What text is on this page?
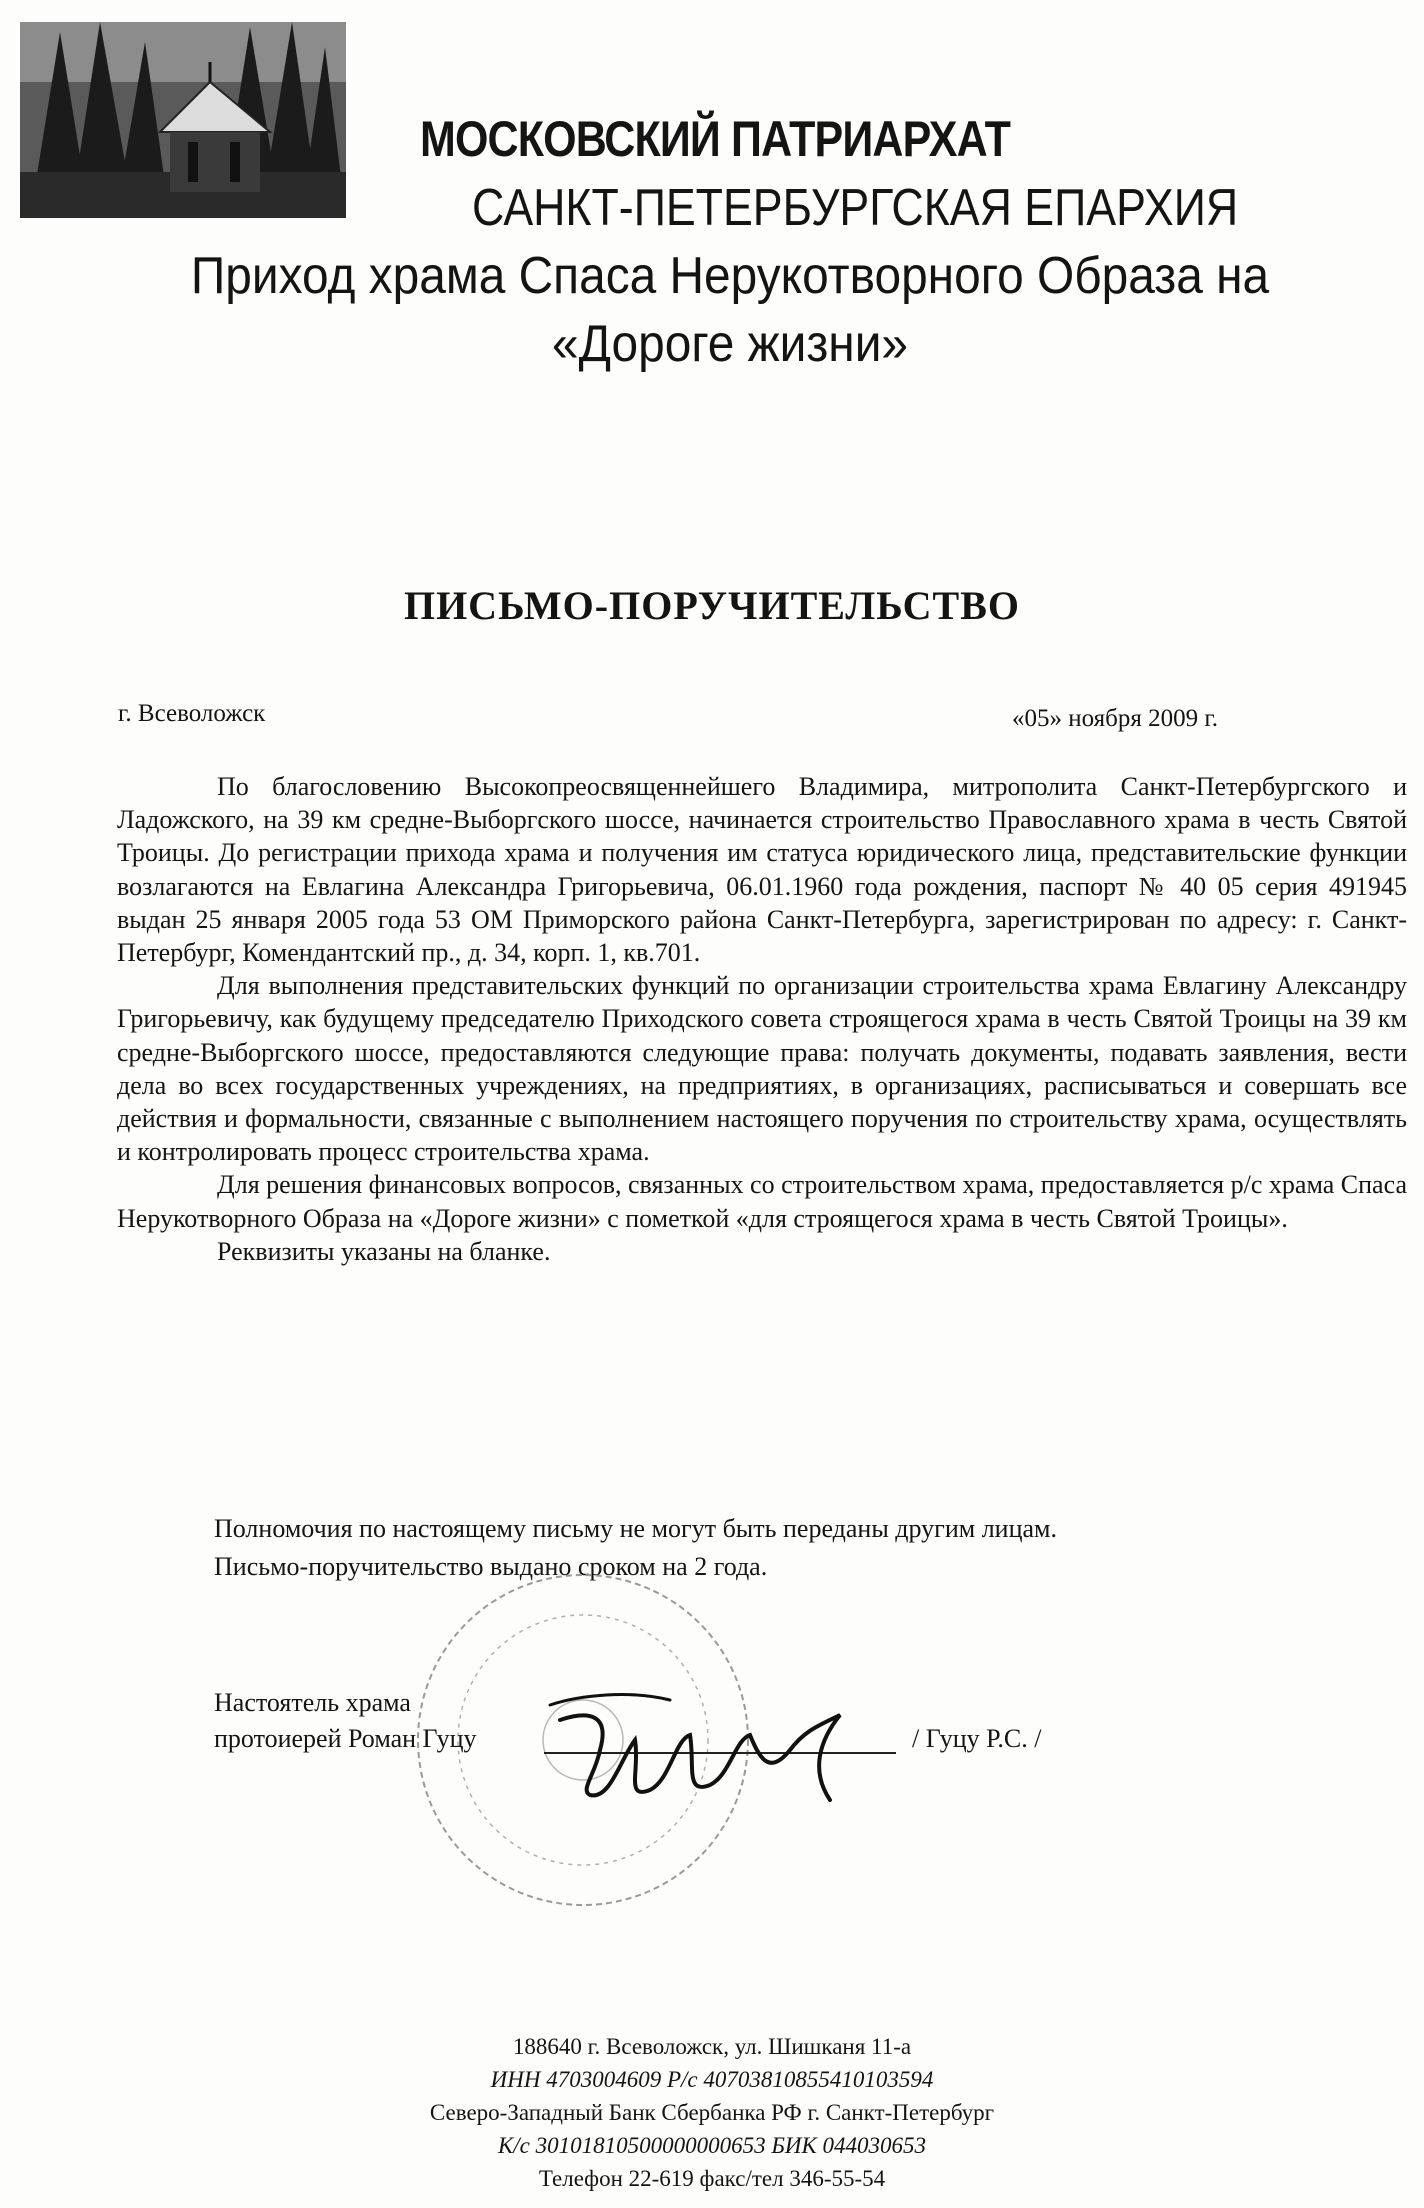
МОСКОВСКИЙ ПАТРИАРХАТ
САНКТ-ПЕТЕРБУРГСКАЯ ЕПАРХИЯ
Приход храма Спаса Нерукотворного Образа на «Дороге жизни»
ПИСЬМО-ПОРУЧИТЕЛЬСТВО
г. Всеволожск	«05» ноября 2009 г.

По благословению Высокопреосвященнейшего Владимира, митрополита Санкт-Петербургского и Ладожского, на 39 км средне-Выборгского шоссе, начинается строительство Православного храма в честь Святой Троицы. До регистрации прихода храма и получения им статуса юридического лица, представительские функции возлагаются на Евлагина Александра Григорьевича, 06.01.1960 года рождения, паспорт № 40 05 серия 491945 выдан 25 января 2005 года 53 ОМ Приморского района Санкт-Петербурга, зарегистрирован по адресу: г. Санкт-Петербург, Комендантский пр., д. 34, корп. 1, кв.701.

Для выполнения представительских функций по организации строительства храма Евлагину Александру Григорьевичу, как будущему председателю Приходского совета строящегося храма в честь Святой Троицы на 39 км средне-Выборгского шоссе, предоставляются следующие права: получать документы, подавать заявления, вести дела во всех государственных учреждениях, на предприятиях, в организациях, расписываться и совершать все действия и формальности, связанные с выполнением настоящего поручения по строительству храма, осуществлять и контролировать процесс строительства храма.

Для решения финансовых вопросов, связанных со строительством храма, предоставляется р/с храма Спаса Нерукотворного Образа на «Дороге жизни» с пометкой «для строящегося храма в честь Святой Троицы».

Реквизиты указаны на бланке.

Полномочия по настоящему письму не могут быть переданы другим лицам.
Письмо-поручительство выдано сроком на 2 года.
Настоятель храма
протоиерей Роман Гуцу	/ Гуцу Р.С. /
188640 г. Всеволожск, ул. Шишканя 11-а
ИНН 4703004609 Р/с 40703810855410103594
Северо-Западный Банк Сбербанка РФ г. Санкт-Петербург
К/с 30101810500000000653 БИК 044030653
Телефон 22-619 факс/тел 346-55-54
